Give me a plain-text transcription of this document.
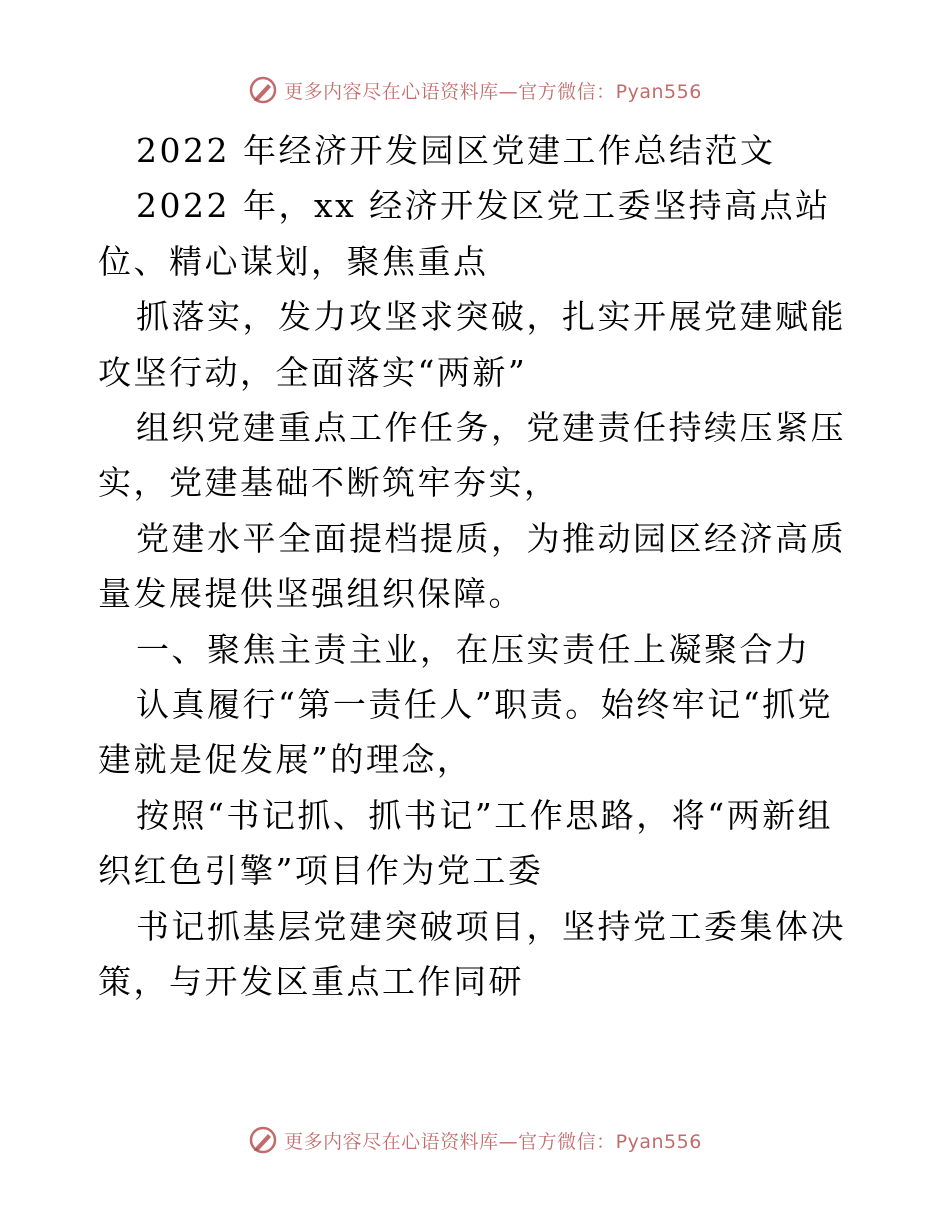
更多内容尽在心语资料库—官方微信：Pyan556

2022 年经济开发园区党建工作总结范文

2022 年，xx 经济开发区党工委坚持高点站位、精心谋划，聚焦重点

抓落实，发力攻坚求突破，扎实开展党建赋能攻坚行动，全面落实“两新”

组织党建重点工作任务，党建责任持续压紧压实，党建基础不断筑牢夯实，

党建水平全面提档提质，为推动园区经济高质量发展提供坚强组织保障。

一、聚焦主责主业，在压实责任上凝聚合力

认真履行“第一责任人”职责。始终牢记“抓党建就是促发展”的理念，

按照“书记抓、抓书记”工作思路，将“两新组织红色引擎”项目作为党工委

书记抓基层党建突破项目，坚持党工委集体决策，与开发区重点工作同研

更多内容尽在心语资料库—官方微信：Pyan556
